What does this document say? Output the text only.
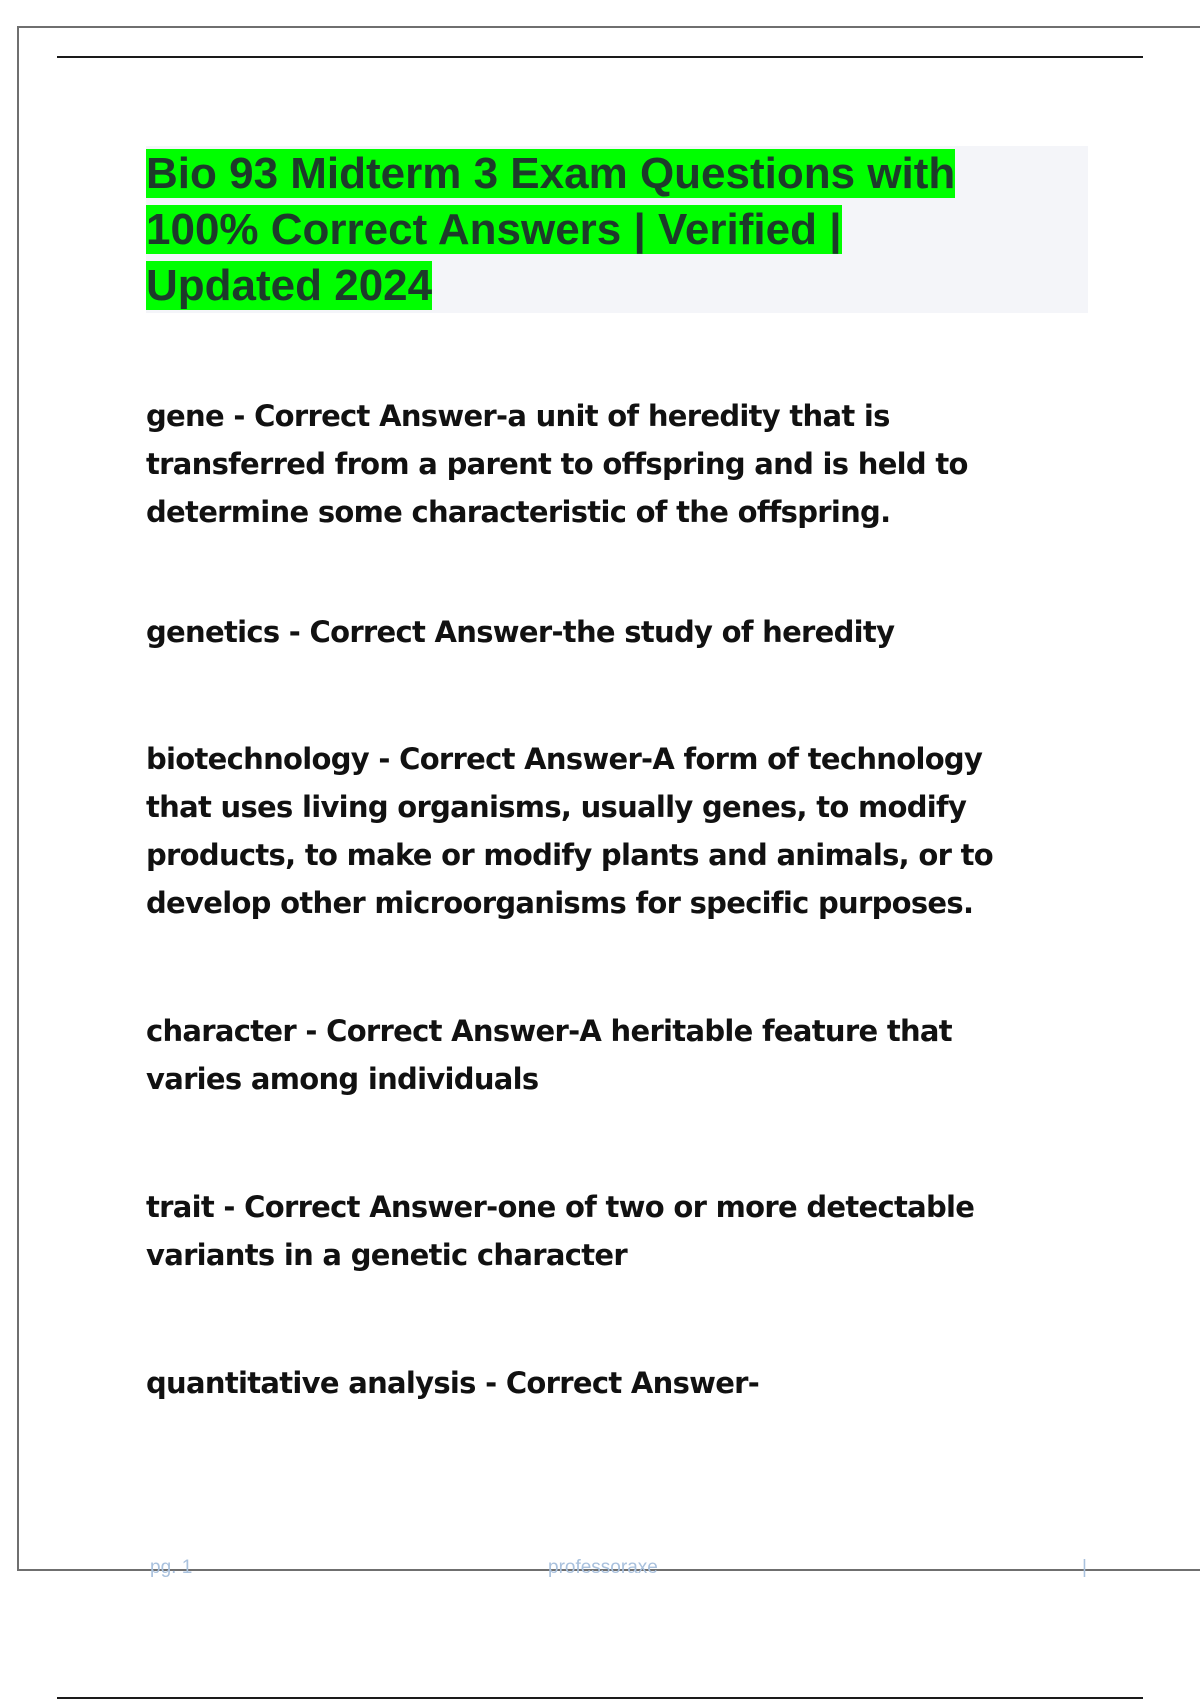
Bio 93 Midterm 3 Exam Questions with
100% Correct Answers | Verified |
Updated 2024

gene - Correct Answer-a unit of heredity that is transferred from a parent to offspring and is held to determine some characteristic of the offspring.

genetics - Correct Answer-the study of heredity

biotechnology - Correct Answer-A form of technology that uses living organisms, usually genes, to modify products, to make or modify plants and animals, or to develop other microorganisms for specific purposes.

character - Correct Answer-A heritable feature that varies among individuals

trait - Correct Answer-one of two or more detectable variants in a genetic character

quantitative analysis - Correct Answer-

pg. 1	professoraxe	|
